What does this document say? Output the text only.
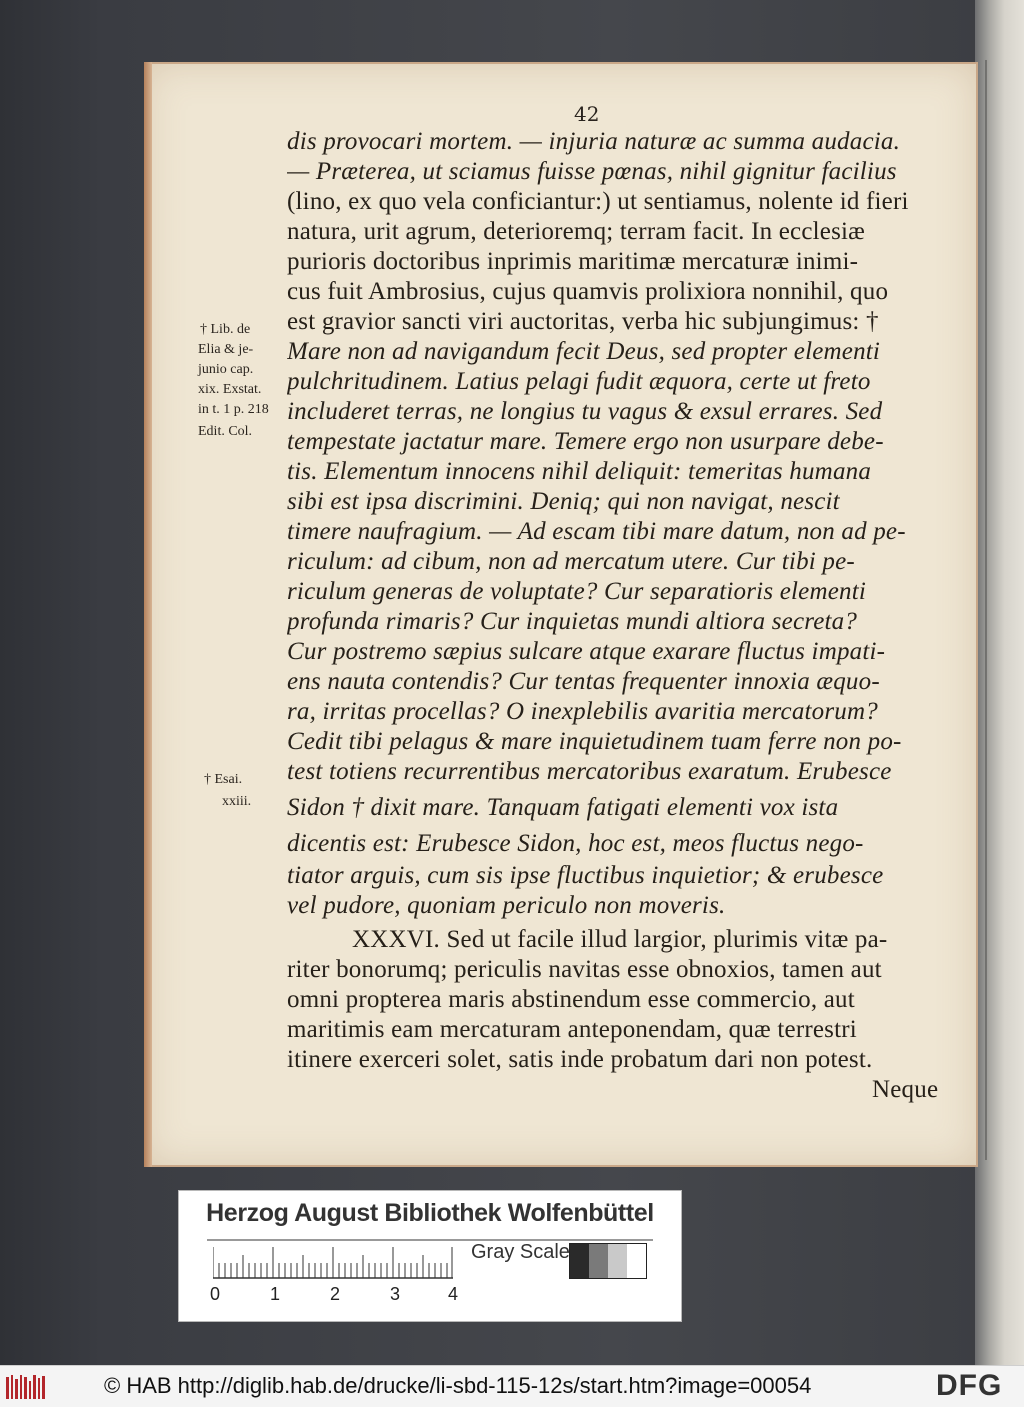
42
dis provocari mortem. — injuria naturæ ac summa audacia.
— Præterea, ut sciamus fuisse pœnas, nihil gignitur facilius
(lino, ex quo vela conficiantur:) ut sentiamus, nolente id fieri
natura, urit agrum, deterioremq; terram facit. In ecclesiæ
purioris doctoribus inprimis maritimæ mercaturæ inimi-
cus fuit Ambrosius, cujus quamvis prolixiora nonnihil, quo
est gravior sancti viri auctoritas, verba hic subjungimus: †
Mare non ad navigandum fecit Deus, sed propter elementi
pulchritudinem. Latius pelagi fudit æquora, certe ut freto
includeret terras, ne longius tu vagus & exsul errares. Sed
tempestate jactatur mare. Temere ergo non usurpare debe-
tis. Elementum innocens nihil deliquit: temeritas humana
sibi est ipsa discrimini. Deniq; qui non navigat, nescit
timere naufragium. — Ad escam tibi mare datum, non ad pe-
riculum: ad cibum, non ad mercatum utere. Cur tibi pe-
riculum generas de voluptate? Cur separatioris elementi
profunda rimaris? Cur inquietas mundi altiora secreta?
Cur postremo sæpius sulcare atque exarare fluctus impati-
ens nauta contendis? Cur tentas frequenter innoxia æquo-
ra, irritas procellas? O inexplebilis avaritia mercatorum?
Cedit tibi pelagus & mare inquietudinem tuam ferre non po-
test totiens recurrentibus mercatoribus exaratum. Erubesce
Sidon † dixit mare. Tanquam fatigati elementi vox ista
dicentis est: Erubesce Sidon, hoc est, meos fluctus nego-
tiator arguis, cum sis ipse fluctibus inquietior; & erubesce
vel pudore, quoniam periculo non moveris.
XXXVI. Sed ut facile illud largior, plurimis vitæ pa-
riter bonorumq; periculis navitas esse obnoxios, tamen aut
omni propterea maris abstinendum esse commercio, aut
maritimis eam mercaturam anteponendam, quæ terrestri
itinere exerceri solet, satis inde probatum dari non potest.
Neque
† Lib. de
Elia & je-
junio cap.
xix. Exstat.
in t. 1 p. 218
Edit. Col.
† Esai.
xxiii.
Herzog August Bibliothek Wolfenbüttel
0	1	2	3	4
Gray Scale
© HAB http://diglib.hab.de/drucke/li-sbd-115-12s/start.htm?image=00054	DFG
